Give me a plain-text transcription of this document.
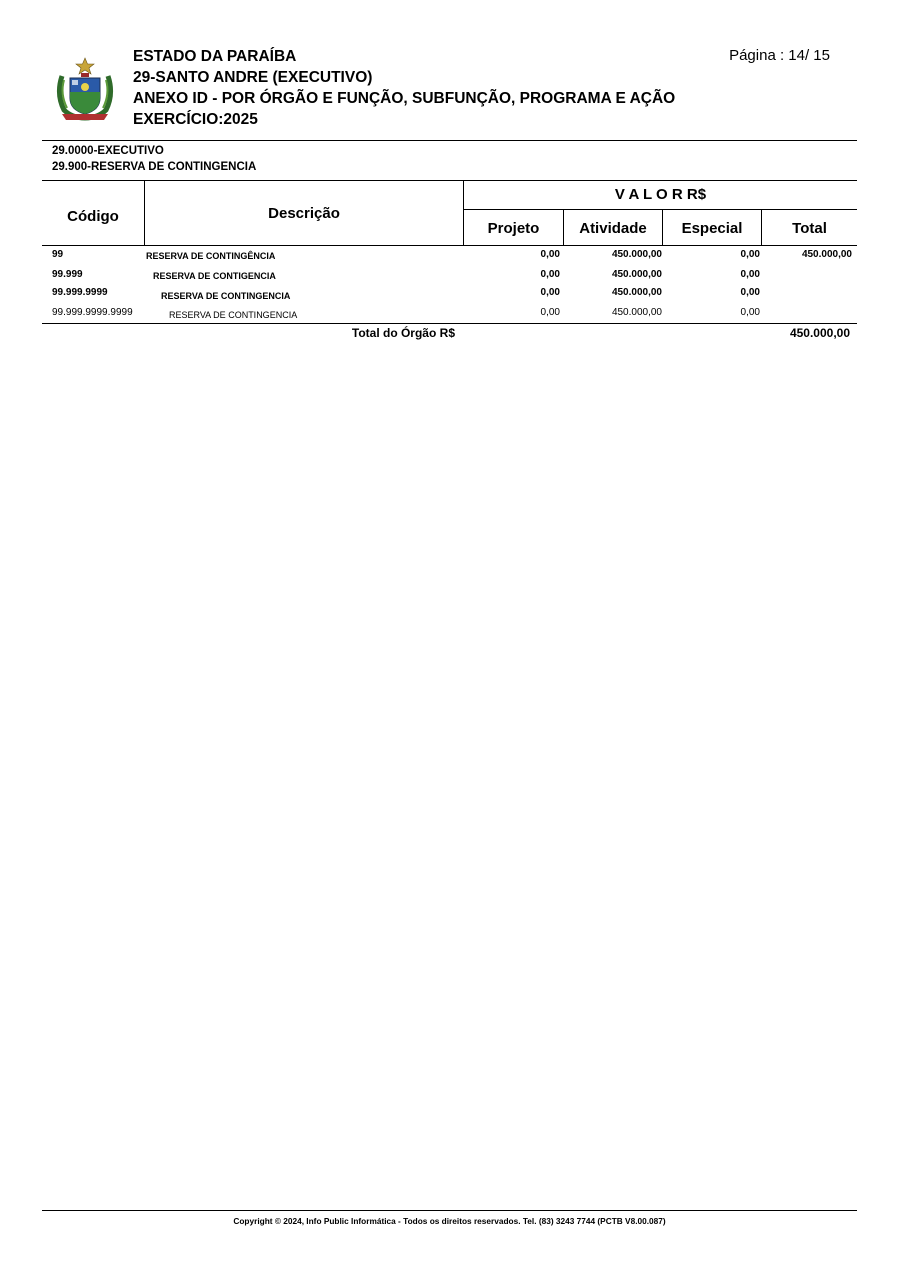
ESTADO DA PARAÍBA
29-SANTO ANDRE (EXECUTIVO)
ANEXO ID - POR ÓRGÃO E FUNÇÃO, SUBFUNÇÃO, PROGRAMA E AÇÃO
EXERCÍCIO:2025
Página : 14/ 15
29.0000-EXECUTIVO
29.900-RESERVA DE CONTINGENCIA
Código	Descrição
V A L O R R$
Projeto	Atividade	Especial	Total
99	RESERVA DE CONTINGÊNCIA	0,00	450.000,00	0,00	450.000,00
99.999	RESERVA DE CONTIGENCIA	0,00	450.000,00	0,00
99.999.9999	RESERVA DE CONTINGENCIA	0,00	450.000,00	0,00
99.999.9999.9999	RESERVA DE CONTINGENCIA	0,00	450.000,00	0,00
Total do Órgão R$	450.000,00
Copyright © 2024, Info Public Informática - Todos os direitos reservados. Tel. (83) 3243 7744 (PCTB V8.00.087)
